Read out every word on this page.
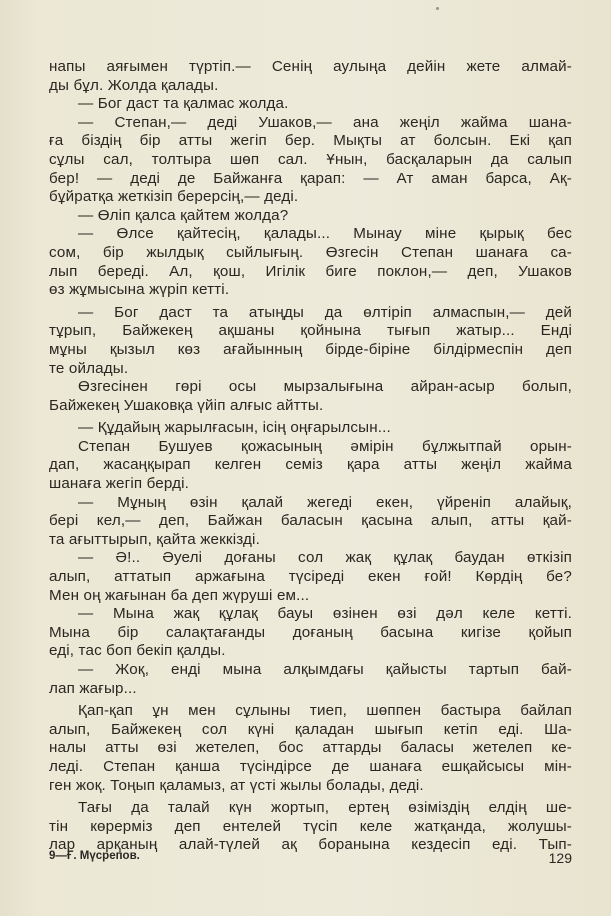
напы аяғымен түртіп.— Сенің аулыңа дейін жете алмай-
ды бұл. Жолда қалады.
— Бог даст та қалмас жолда.
— Степан,— деді Ушаков,— ана жеңіл жайма шана-
ға біздің бір атты жегіп бер. Мықты ат болсын. Екі қап
сұлы сал, толтыра шөп сал. Ұнын, басқаларын да салып
бер! — деді де Байжанға қарап: — Ат аман барса, Ақ-
бұйратқа жеткізіп берерсің,— деді.
— Өліп қалса қайтем жолда?
— Өлсе қайтесің, қалады... Мынау міне қырық бес
сом, бір жылдық сыйлығың. Өзгесін Степан шанаға са-
лып береді. Ал, қош, Игілік биге поклон,— деп, Ушаков
өз жұмысына жүріп кетті.
— Бог даст та атыңды да өлтіріп алмаспын,— дей
тұрып, Байжекең ақшаны қойнына тығып жатыр... Енді
мұны қызыл көз ағайынның бірде-біріне білдірмеспін деп
те ойлады.
Өзгесінен гөрі осы мырзалығына айран-асыр болып,
Байжекең Ушаковқа үйіп алғыс айтты.
— Құдайың жарылғасын, ісің оңғарылсын...
Степан Бушуев қожасының әмірін бұлжытпай орын-
дап, жасаңқырап келген семіз қара атты жеңіл жайма
шанаға жегіп берді.
— Мұның өзін қалай жегеді екен, үйреніп алайық,
бері кел,— деп, Байжан баласын қасына алып, атты қай-
та ағыттырып, қайта жеккізді.
— Ә!.. Әуелі доғаны сол жақ құлақ баудан өткізіп
алып, аттатып аржағына түсіреді екен ғой! Көрдің бе?
Мен оң жағынан ба деп жүруші ем...
— Мына жақ құлақ бауы өзінен өзі дәл келе кетті.
Мына бір салақтағанды доғаның басына кигізе қойып
еді, тас боп бекіп қалды.
— Жоқ, енді мына алқымдағы қайысты тартып бай-
лап жағыр...
Қап-қап ұн мен сұлыны тиеп, шөппен бастыра байлап
алып, Байжекең сол күні қаладан шығып кетіп еді. Ша-
налы атты өзі жетелеп, бос аттарды баласы жетелеп ке-
леді. Степан қанша түсіндірсе де шанаға ешқайсысы мін-
ген жоқ. Тоңып қаламыз, ат үсті жылы болады, деді.
Тағы да талай күн жортып, ертең өзіміздің елдің ше-
тін көрерміз деп ентелей түсіп келе жатқанда, жолушы-
лар арқаның алай-түлей ақ боранына кездесіп еді. Тып-
9—Ғ. Мүсрепов.	129
